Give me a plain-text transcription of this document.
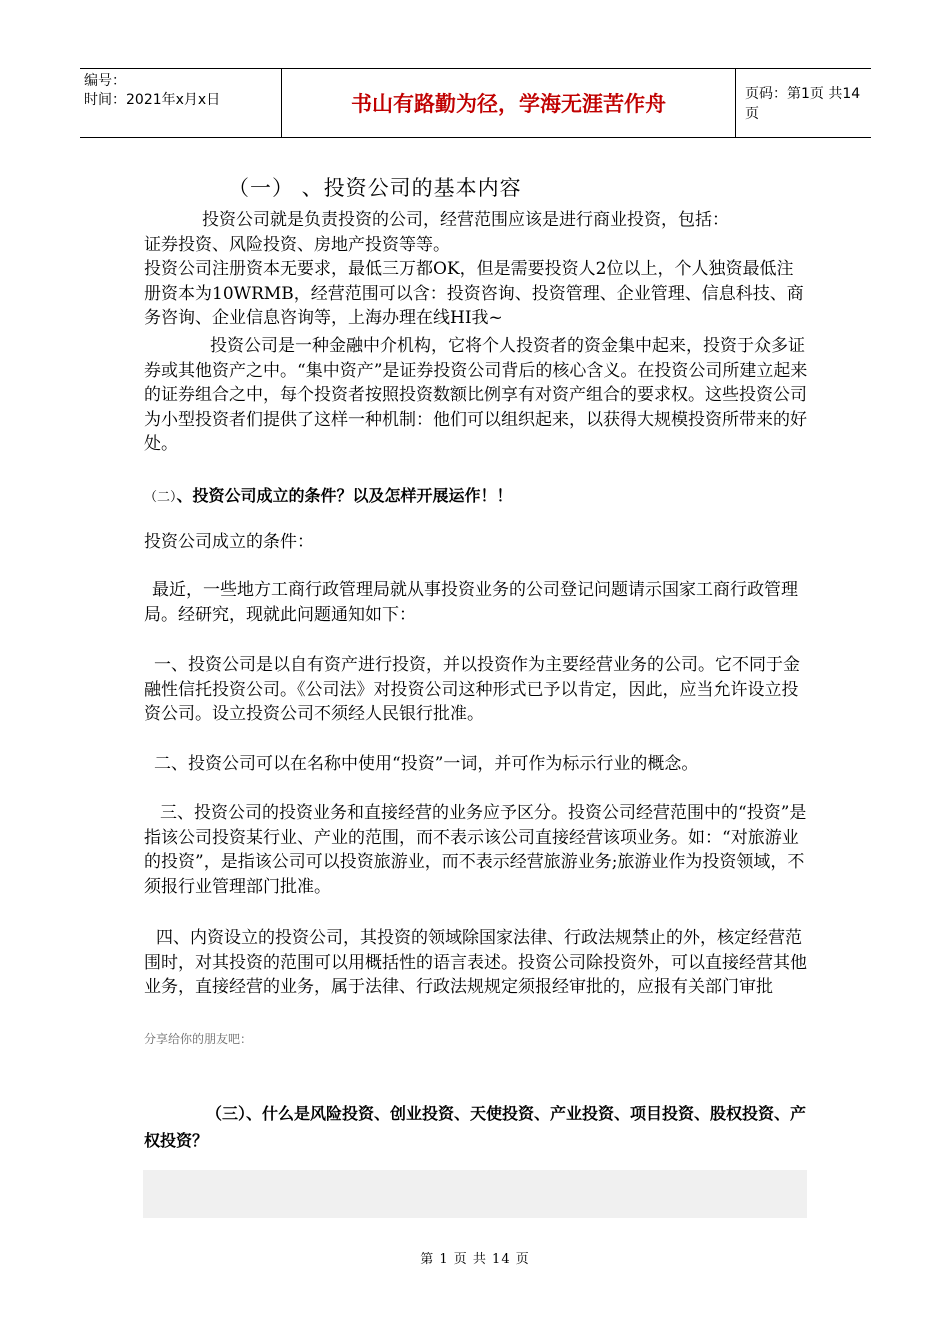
编号：
时间：2021年x月x日	书山有路勤为径，学海无涯苦作舟	页码：第1页 共14页
（一） 、投资公司的基本内容

投资公司就是负责投资的公司，经营范围应该是进行商业投资，包括：

证券投资、风险投资、房地产投资等等。

投资公司注册资本无要求，最低三万都OK，但是需要投资人2位以上，个人独资最低注册资本为10WRMB，经营范围可以含：投资咨询、投资管理、企业管理、信息科技、商务咨询、企业信息咨询等，上海办理在线HI我~

投资公司是一种金融中介机构，它将个人投资者的资金集中起来，投资于众多证券或其他资产之中。“集中资产”是证券投资公司背后的核心含义。在投资公司所建立起来的证券组合之中，每个投资者按照投资数额比例享有对资产组合的要求权。这些投资公司为小型投资者们提供了这样一种机制：他们可以组织起来，以获得大规模投资所带来的好处。

（二）、投资公司成立的条件？以及怎样开展运作！！

投资公司成立的条件：

最近，一些地方工商行政管理局就从事投资业务的公司登记问题请示国家工商行政管理局。经研究，现就此问题通知如下：

一、投资公司是以自有资产进行投资，并以投资作为主要经营业务的公司。它不同于金融性信托投资公司。《公司法》对投资公司这种形式已予以肯定，因此，应当允许设立投资公司。设立投资公司不须经人民银行批准。

二、投资公司可以在名称中使用“投资”一词，并可作为标示行业的概念。

三、投资公司的投资业务和直接经营的业务应予区分。投资公司经营范围中的“投资”是指该公司投资某行业、产业的范围，而不表示该公司直接经营该项业务。如：“对旅游业的投资”，是指该公司可以投资旅游业，而不表示经营旅游业务;旅游业作为投资领域，不须报行业管理部门批准。

四、内资设立的投资公司，其投资的领域除国家法律、行政法规禁止的外，核定经营范围时，对其投资的范围可以用概括性的语言表述。投资公司除投资外，可以直接经营其他业务，直接经营的业务，属于法律、行政法规规定须报经审批的，应报有关部门审批

分享给你的朋友吧：

（三）、什么是风险投资、创业投资、天使投资、产业投资、项目投资、股权投资、产权投资？

第 1 页 共 14 页
